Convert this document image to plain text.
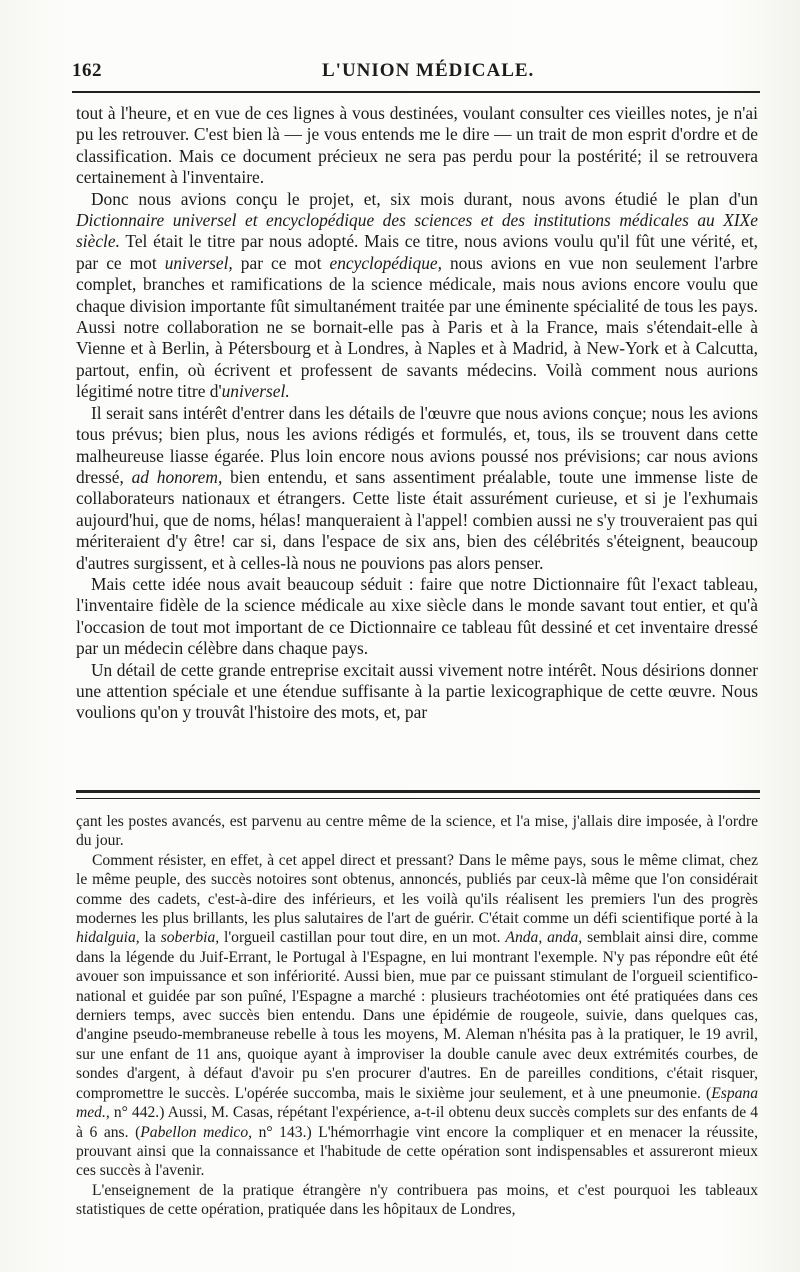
162	L'UNION MÉDICALE.

tout à l'heure, et en vue de ces lignes à vous destinées, voulant consulter ces vieilles notes, je n'ai pu les retrouver. C'est bien là — je vous entends me le dire — un trait de mon esprit d'ordre et de classification. Mais ce document précieux ne sera pas perdu pour la postérité; il se retrouvera certainement à l'inventaire.

Donc nous avions conçu le projet, et, six mois durant, nous avons étudié le plan d'un Dictionnaire universel et encyclopédique des sciences et des institutions médicales au XIXe siècle. Tel était le titre par nous adopté. Mais ce titre, nous avions voulu qu'il fût une vérité, et, par ce mot universel, par ce mot encyclopédique, nous avions en vue non seulement l'arbre complet, branches et ramifications de la science médicale, mais nous avions encore voulu que chaque division importante fût simultanément traitée par une éminente spécialité de tous les pays. Aussi notre collaboration ne se bornait-elle pas à Paris et à la France, mais s'étendait-elle à Vienne et à Berlin, à Pétersbourg et à Londres, à Naples et à Madrid, à New-York et à Calcutta, partout, enfin, où écrivent et professent de savants médecins. Voilà comment nous aurions légitimé notre titre d'universel.

Il serait sans intérêt d'entrer dans les détails de l'œuvre que nous avions conçue; nous les avions tous prévus; bien plus, nous les avions rédigés et formulés, et, tous, ils se trouvent dans cette malheureuse liasse égarée. Plus loin encore nous avions poussé nos prévisions; car nous avions dressé, ad honorem, bien entendu, et sans assentiment préalable, toute une immense liste de collaborateurs nationaux et étrangers. Cette liste était assurément curieuse, et si je l'exhumais aujourd'hui, que de noms, hélas! manqueraient à l'appel! combien aussi ne s'y trouveraient pas qui mériteraient d'y être! car si, dans l'espace de six ans, bien des célébrités s'éteignent, beaucoup d'autres surgissent, et à celles-là nous ne pouvions pas alors penser.

Mais cette idée nous avait beaucoup séduit : faire que notre Dictionnaire fût l'exact tableau, l'inventaire fidèle de la science médicale au xixe siècle dans le monde savant tout entier, et qu'à l'occasion de tout mot important de ce Dictionnaire ce tableau fût dessiné et cet inventaire dressé par un médecin célèbre dans chaque pays.

Un détail de cette grande entreprise excitait aussi vivement notre intérêt. Nous désirions donner une attention spéciale et une étendue suffisante à la partie lexicographique de cette œuvre. Nous voulions qu'on y trouvât l'histoire des mots, et, par

çant les postes avancés, est parvenu au centre même de la science, et l'a mise, j'allais dire imposée, à l'ordre du jour.

Comment résister, en effet, à cet appel direct et pressant? Dans le même pays, sous le même climat, chez le même peuple, des succès notoires sont obtenus, annoncés, publiés par ceux-là même que l'on considérait comme des cadets, c'est-à-dire des inférieurs, et les voilà qu'ils réalisent les premiers l'un des progrès modernes les plus brillants, les plus salutaires de l'art de guérir. C'était comme un défi scientifique porté à la hidalguia, la soberbia, l'orgueil castillan pour tout dire, en un mot. Anda, anda, semblait ainsi dire, comme dans la légende du Juif-Errant, le Portugal à l'Espagne, en lui montrant l'exemple. N'y pas répondre eût été avouer son impuissance et son infériorité. Aussi bien, mue par ce puissant stimulant de l'orgueil scientifico-national et guidée par son puîné, l'Espagne a marché : plusieurs trachéotomies ont été pratiquées dans ces derniers temps, avec succès bien entendu. Dans une épidémie de rougeole, suivie, dans quelques cas, d'angine pseudo-membraneuse rebelle à tous les moyens, M. Aleman n'hésita pas à la pratiquer, le 19 avril, sur une enfant de 11 ans, quoique ayant à improviser la double canule avec deux extrémités courbes, de sondes d'argent, à défaut d'avoir pu s'en procurer d'autres. En de pareilles conditions, c'était risquer, compromettre le succès. L'opérée succomba, mais le sixième jour seulement, et à une pneumonie. (Espana med., n° 442.) Aussi, M. Casas, répétant l'expérience, a-t-il obtenu deux succès complets sur des enfants de 4 à 6 ans. (Pabellon medico, n° 143.) L'hémorrhagie vint encore la compliquer et en menacer la réussite, prouvant ainsi que la connaissance et l'habitude de cette opération sont indispensables et assureront mieux ces succès à l'avenir.

L'enseignement de la pratique étrangère n'y contribuera pas moins, et c'est pourquoi les tableaux statistiques de cette opération, pratiquée dans les hôpitaux de Londres,
